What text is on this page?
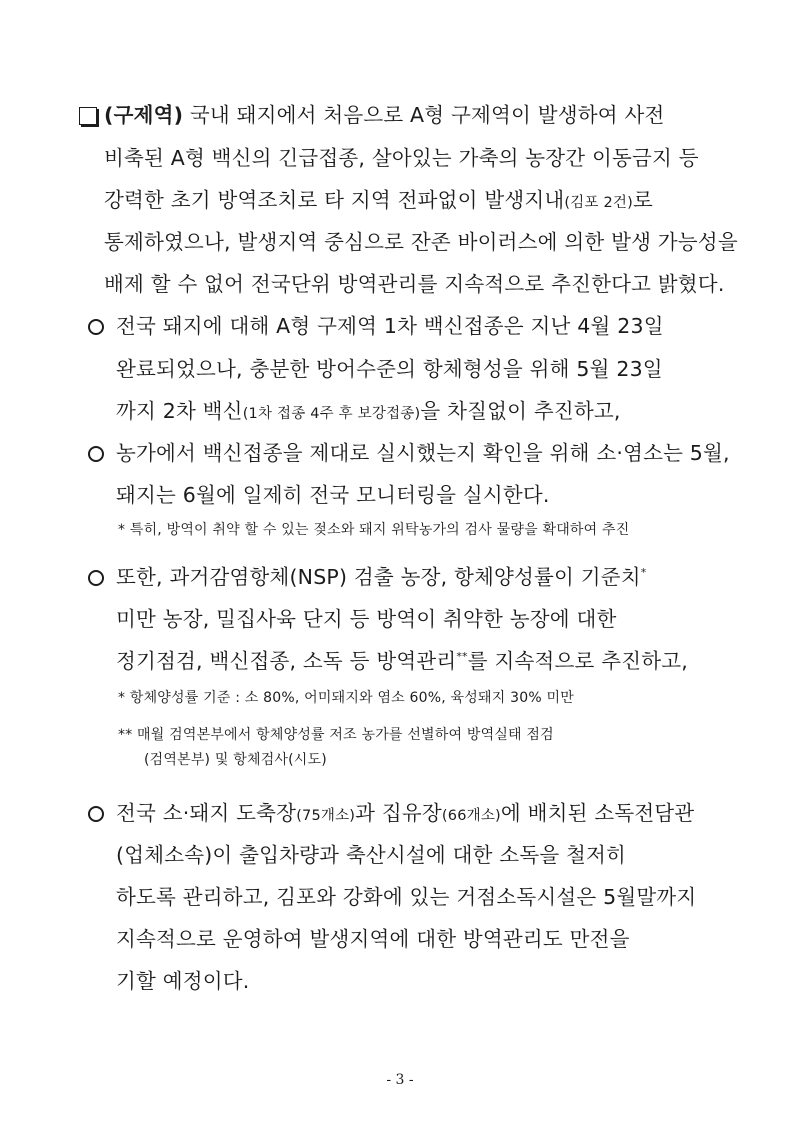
(구제역) 국내 돼지에서 처음으로 A형 구제역이 발생하여 사전
비축된 A형 백신의 긴급접종, 살아있는 가축의 농장간 이동금지 등
강력한 초기 방역조치로 타 지역 전파없이 발생지내(김포 2건)로
통제하였으나, 발생지역 중심으로 잔존 바이러스에 의한 발생 가능성을
배제 할 수 없어 전국단위 방역관리를 지속적으로 추진한다고 밝혔다.
전국 돼지에 대해 A형 구제역 1차 백신접종은 지난 4월 23일
완료되었으나, 충분한 방어수준의 항체형성을 위해 5월 23일
까지 2차 백신(1차 접종 4주 후 보강접종)을 차질없이 추진하고,
농가에서 백신접종을 제대로 실시했는지 확인을 위해 소·염소는 5월,
돼지는 6월에 일제히 전국 모니터링을 실시한다.
* 특히, 방역이 취약 할 수 있는 젖소와 돼지 위탁농가의 검사 물량을 확대하여 추진
또한, 과거감염항체(NSP) 검출 농장, 항체양성률이 기준치*
미만 농장, 밀집사육 단지 등 방역이 취약한 농장에 대한
정기점검, 백신접종, 소독 등 방역관리**를 지속적으로 추진하고,
* 항체양성률 기준 : 소 80%, 어미돼지와 염소 60%, 육성돼지 30% 미만
** 매월 검역본부에서 항체양성률 저조 농가를 선별하여 방역실태 점검
(검역본부) 및 항체검사(시도)
전국 소·돼지 도축장(75개소)과 집유장(66개소)에 배치된 소독전담관
(업체소속)이 출입차량과 축산시설에 대한 소독을 철저히
하도록 관리하고, 김포와 강화에 있는 거점소독시설은 5월말까지
지속적으로 운영하여 발생지역에 대한 방역관리도 만전을
기할 예정이다.
- 3 -
